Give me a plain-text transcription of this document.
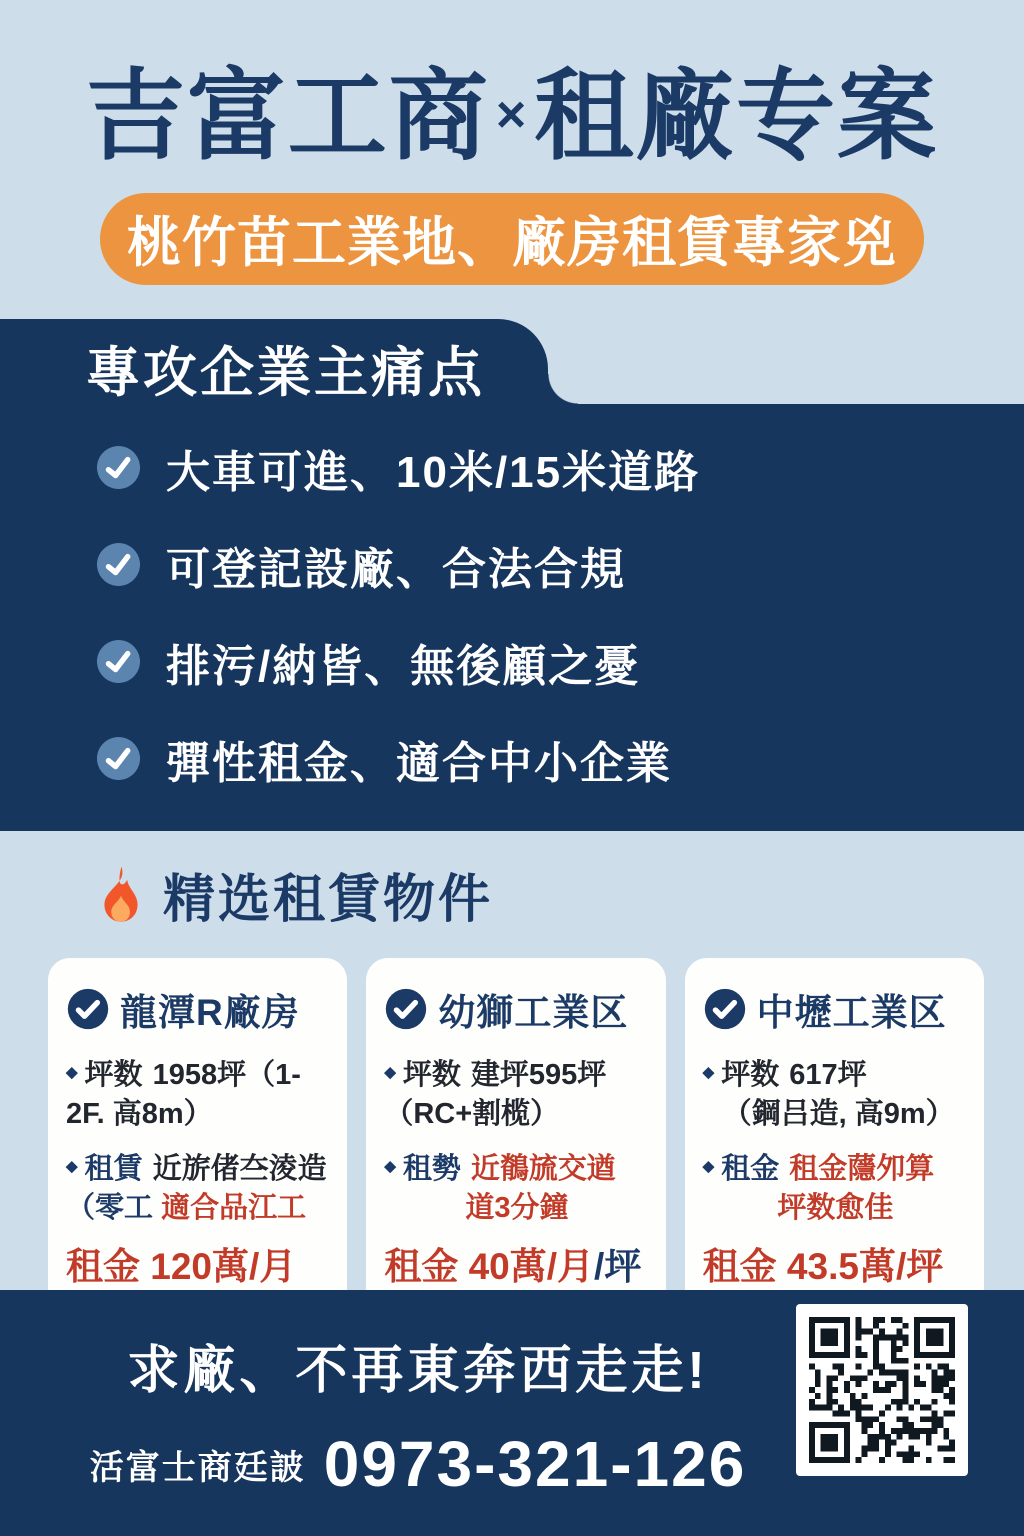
吉富工商 ×租廠专案
桃竹苗工業地、廠房租賃專家兇
專攻企業主痛点
大車可進、10米/15米道路
可登記設廠、合法合規
排污/納皆、無後顧之憂
彈性租金、適合中小企業
精选租賃物件
龍潭R廠房
◆ 坪数 1958坪（1-2F. 高8m）
◆ 租賃 近旂偖夳淩造（零工 適合品江工
租金 120萬/月
幼獅工業区
◆ 坪数 建坪595坪（RC+割榄）
◆ 租勢 近鶺旈交遒
道3分鐘
租金 40萬/月/坪
中壢工業区
◆ 坪数 617坪
（鋼吕造, 高9m）
◆ 租金 租金蘟夘算
坪数愈佳
租金 43.5萬/坪
求廠、不再東奔西走走!
活富士商廷詖 0973-321-126
